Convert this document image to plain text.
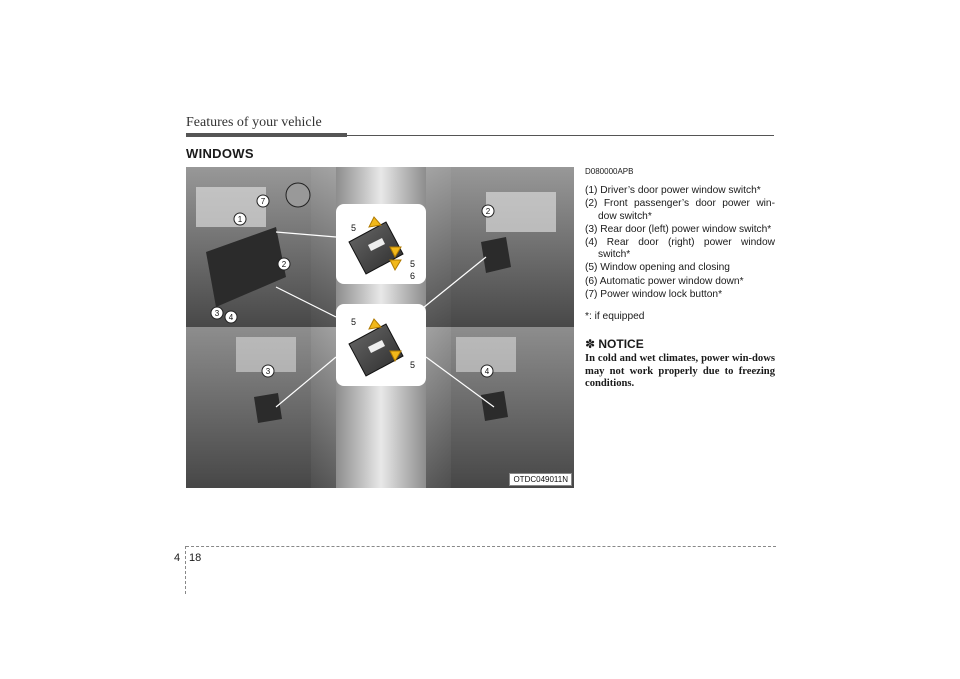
Features of your vehicle
WINDOWS
1
2
3 4
7
2
3	4
5
5
6
5
5
OTDC049011N
D080000APB
(1) Driver’s door power window switch*
(2) Front passenger’s door power win-dow switch*
(3) Rear door (left) power window switch*
(4) Rear door (right) power window switch*
(5) Window opening and closing
(6) Automatic power window down*
(7) Power window lock button*
*: if equipped
✽ NOTICE
In cold and wet climates, power win-dows may not work properly due to freezing conditions.
4 18
